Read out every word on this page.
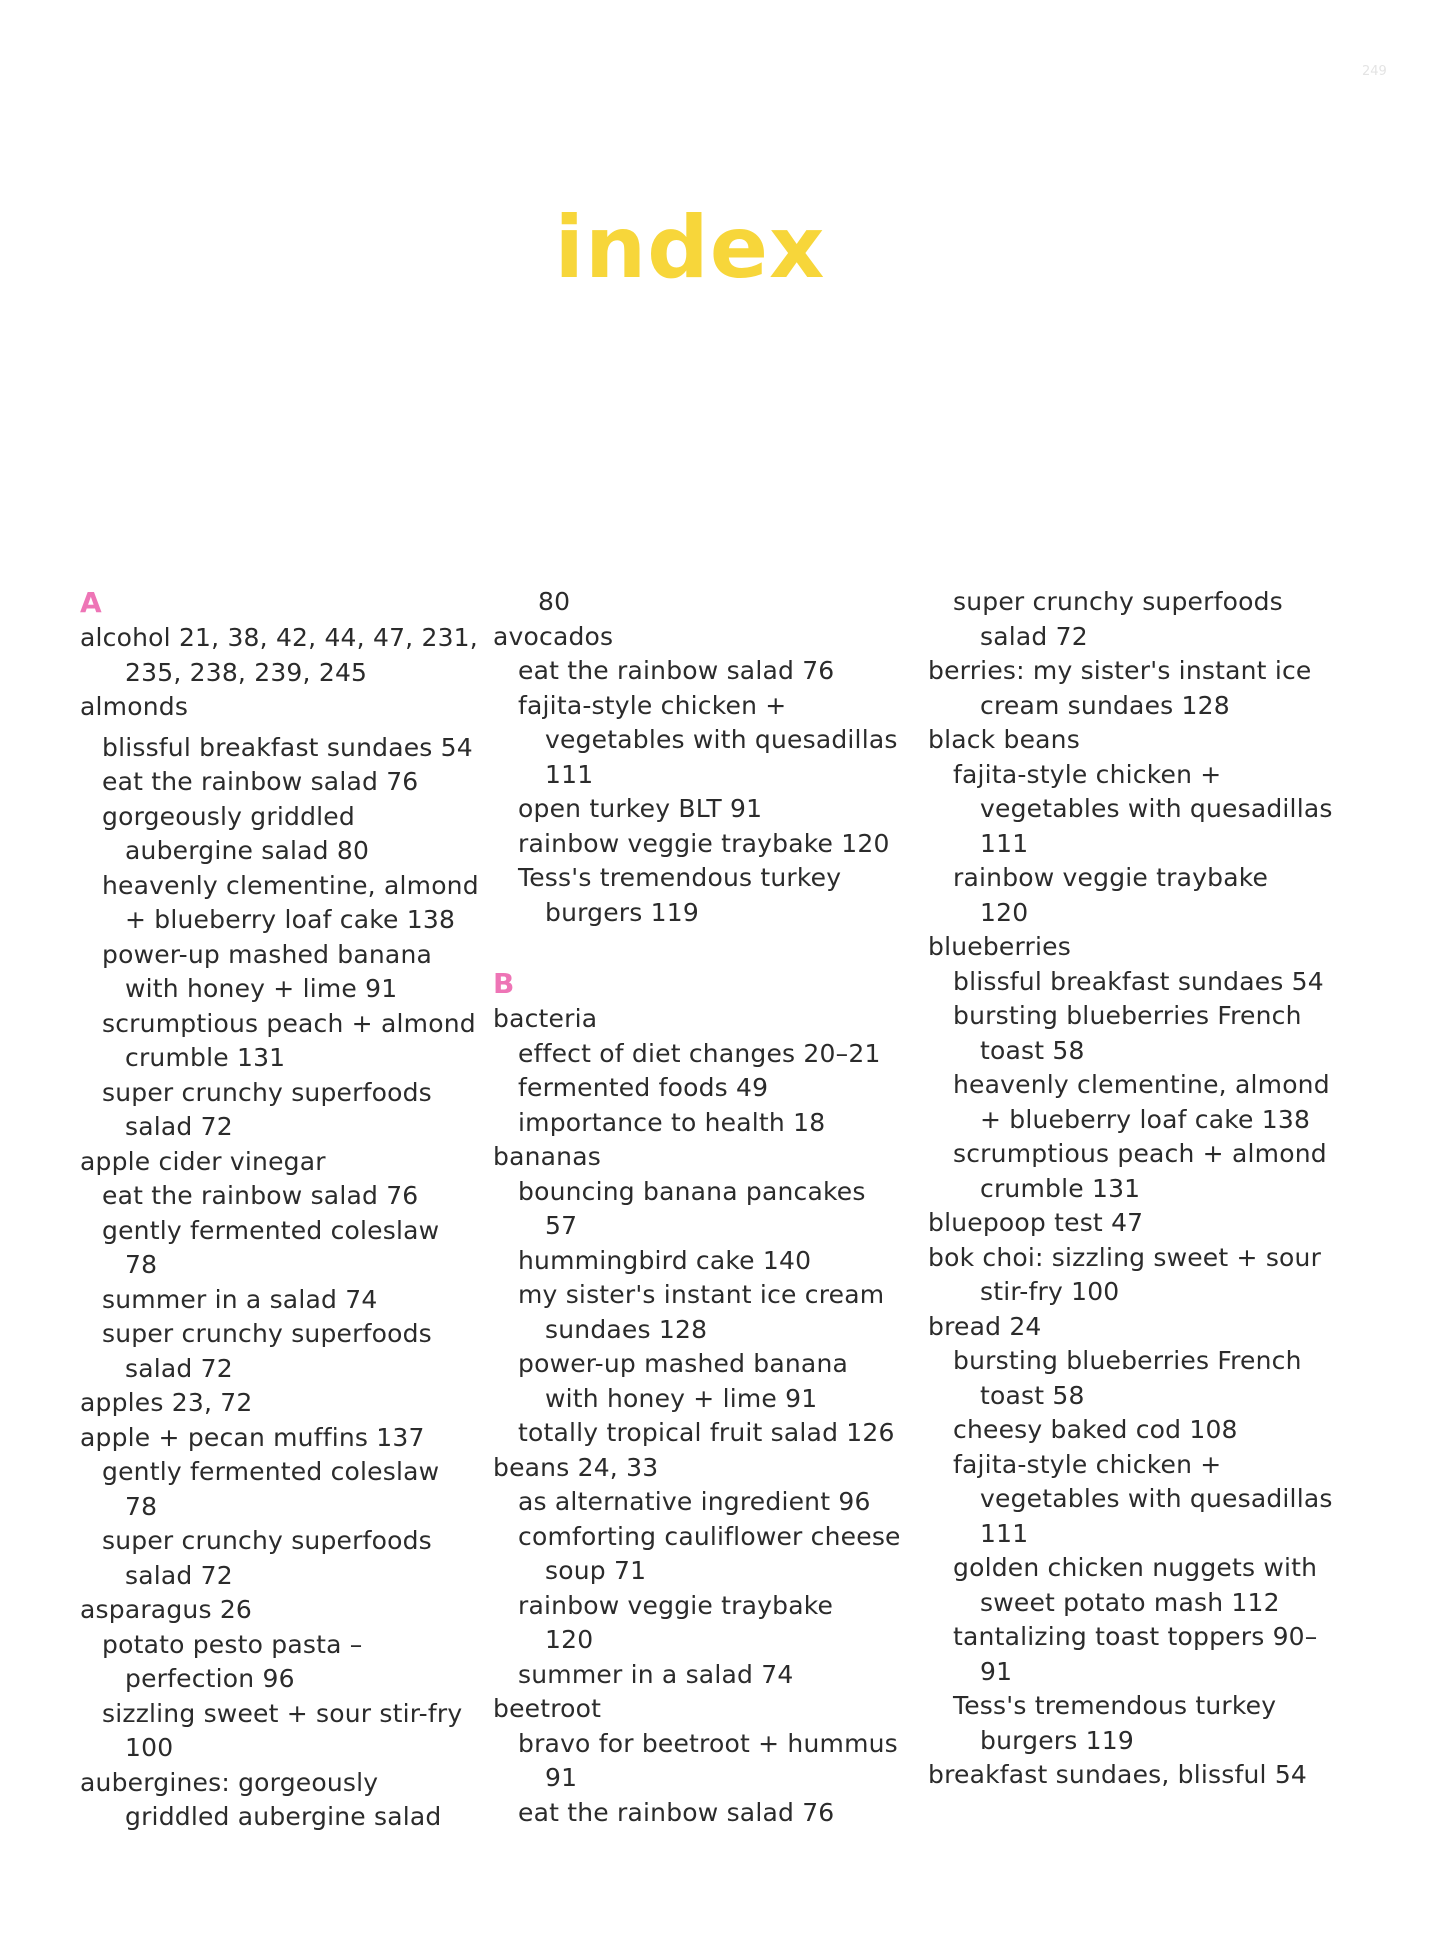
249
index
A
alcohol 21, 38, 42, 44, 47, 231,
235, 238, 239, 245
almonds
blissful breakfast sundaes 54
eat the rainbow salad 76
gorgeously griddled
aubergine salad 80
heavenly clementine, almond
+ blueberry loaf cake 138
power-up mashed banana
with honey + lime 91
scrumptious peach + almond
crumble 131
super crunchy superfoods
salad 72
apple cider vinegar
eat the rainbow salad 76
gently fermented coleslaw
78
summer in a salad 74
super crunchy superfoods
salad 72
apples 23, 72
apple + pecan muffins 137
gently fermented coleslaw
78
super crunchy superfoods
salad 72
asparagus 26
potato pesto pasta –
perfection 96
sizzling sweet + sour stir-fry
100
aubergines: gorgeously
griddled aubergine salad
80
avocados
eat the rainbow salad 76
fajita-style chicken +
vegetables with quesadillas
111
open turkey BLT 91
rainbow veggie traybake 120
Tess's tremendous turkey
burgers 119
B
bacteria
effect of diet changes 20–21
fermented foods 49
importance to health 18
bananas
bouncing banana pancakes
57
hummingbird cake 140
my sister's instant ice cream
sundaes 128
power-up mashed banana
with honey + lime 91
totally tropical fruit salad 126
beans 24, 33
as alternative ingredient 96
comforting cauliflower cheese
soup 71
rainbow veggie traybake
120
summer in a salad 74
beetroot
bravo for beetroot + hummus
91
eat the rainbow salad 76
super crunchy superfoods
salad 72
berries: my sister's instant ice
cream sundaes 128
black beans
fajita-style chicken +
vegetables with quesadillas
111
rainbow veggie traybake
120
blueberries
blissful breakfast sundaes 54
bursting blueberries French
toast 58
heavenly clementine, almond
+ blueberry loaf cake 138
scrumptious peach + almond
crumble 131
bluepoop test 47
bok choi: sizzling sweet + sour
stir-fry 100
bread 24
bursting blueberries French
toast 58
cheesy baked cod 108
fajita-style chicken +
vegetables with quesadillas
111
golden chicken nuggets with
sweet potato mash 112
tantalizing toast toppers 90–
91
Tess's tremendous turkey
burgers 119
breakfast sundaes, blissful 54
